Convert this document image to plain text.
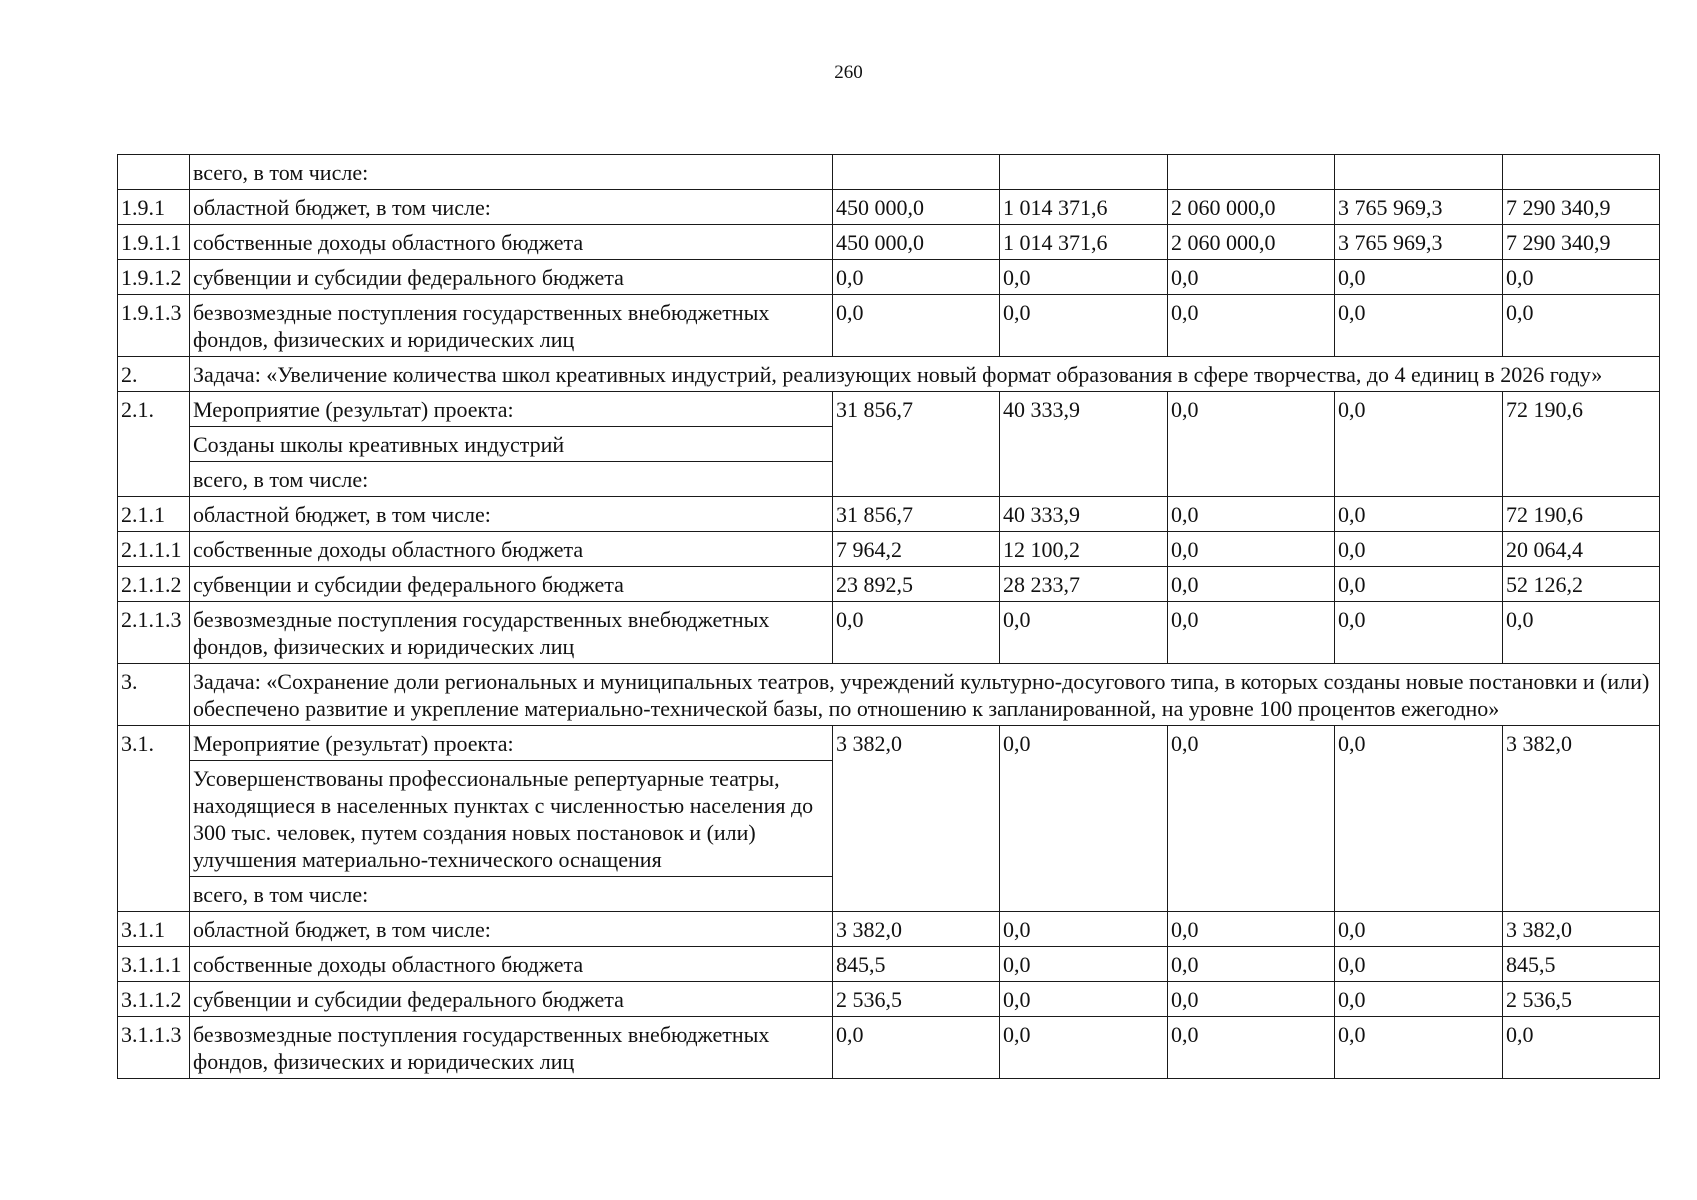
260
	всего, в том числе:					
1.9.1	областной бюджет, в том числе:	450 000,0	1 014 371,6	2 060 000,0	3 765 969,3	7 290 340,9
1.9.1.1	собственные доходы областного бюджета	450 000,0	1 014 371,6	2 060 000,0	3 765 969,3	7 290 340,9
1.9.1.2	субвенции и субсидии федерального бюджета	0,0	0,0	0,0	0,0	0,0
1.9.1.3	безвозмездные поступления государственных внебюджетных фондов, физических и юридических лиц	0,0	0,0	0,0	0,0	0,0
2.	Задача: «Увеличение количества школ креативных индустрий, реализующих новый формат образования в сфере творчества, до 4 единиц в 2026 году»					
2.1.	Мероприятие (результат) проекта:	31 856,7	40 333,9	0,0	0,0	72 190,6
	Созданы школы креативных индустрий					
	всего, в том числе:					
2.1.1	областной бюджет, в том числе:	31 856,7	40 333,9	0,0	0,0	72 190,6
2.1.1.1	собственные доходы областного бюджета	7 964,2	12 100,2	0,0	0,0	20 064,4
2.1.1.2	субвенции и субсидии федерального бюджета	23 892,5	28 233,7	0,0	0,0	52 126,2
2.1.1.3	безвозмездные поступления государственных внебюджетных фондов, физических и юридических лиц	0,0	0,0	0,0	0,0	0,0
3.	Задача: «Сохранение доли региональных и муниципальных театров, учреждений культурно-досугового типа, в которых созданы новые постановки и (или) обеспечено развитие и укрепление материально-технической базы, по отношению к запланированной, на уровне 100 процентов ежегодно»					
3.1.	Мероприятие (результат) проекта:	3 382,0	0,0	0,0	0,0	3 382,0
	Усовершенствованы профессиональные репертуарные театры, находящиеся в населенных пунктах с численностью населения до 300 тыс. человек, путем создания новых постановок и (или) улучшения материально-технического оснащения					
	всего, в том числе:					
3.1.1	областной бюджет, в том числе:	3 382,0	0,0	0,0	0,0	3 382,0
3.1.1.1	собственные доходы областного бюджета	845,5	0,0	0,0	0,0	845,5
3.1.1.2	субвенции и субсидии федерального бюджета	2 536,5	0,0	0,0	0,0	2 536,5
3.1.1.3	безвозмездные поступления государственных внебюджетных фондов, физических и юридических лиц	0,0	0,0	0,0	0,0	0,0
